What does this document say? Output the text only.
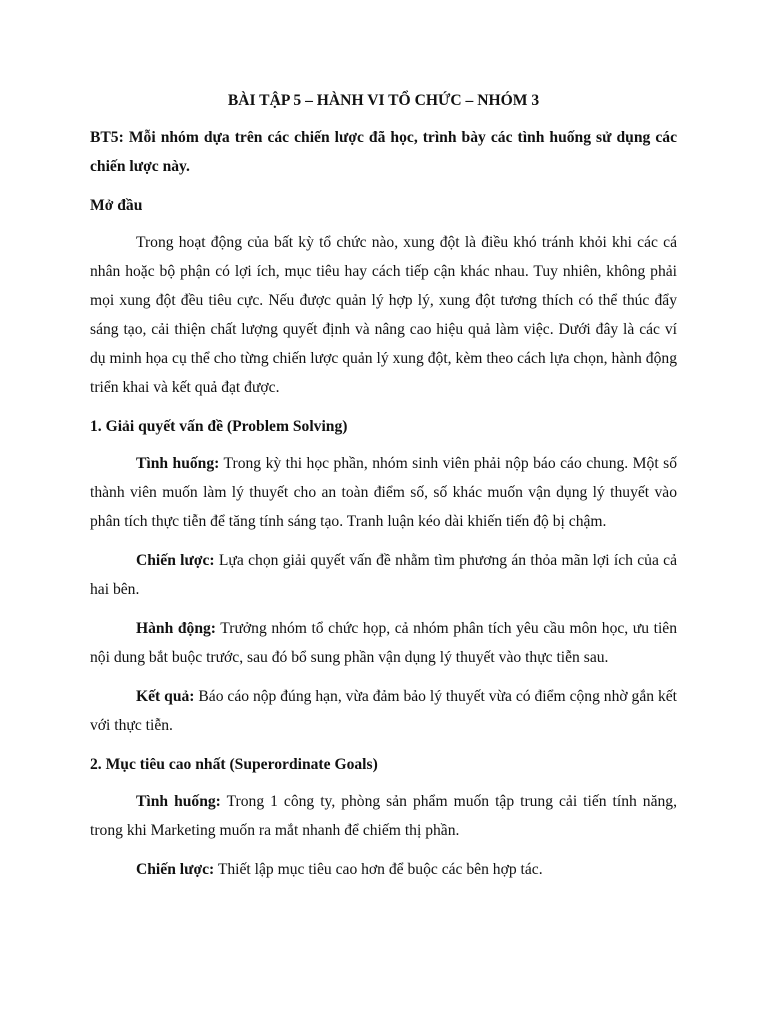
BÀI TẬP 5 – HÀNH VI TỔ CHỨC – NHÓM 3

BT5: Mỗi nhóm dựa trên các chiến lược đã học, trình bày các tình huống sử dụng các chiến lược này.

Mở đầu

Trong hoạt động của bất kỳ tổ chức nào, xung đột là điều khó tránh khỏi khi các cá nhân hoặc bộ phận có lợi ích, mục tiêu hay cách tiếp cận khác nhau. Tuy nhiên, không phải mọi xung đột đều tiêu cực. Nếu được quản lý hợp lý, xung đột tương thích có thể thúc đẩy sáng tạo, cải thiện chất lượng quyết định và nâng cao hiệu quả làm việc. Dưới đây là các ví dụ minh họa cụ thể cho từng chiến lược quản lý xung đột, kèm theo cách lựa chọn, hành động triển khai và kết quả đạt được.

1. Giải quyết vấn đề (Problem Solving)

Tình huống: Trong kỳ thi học phần, nhóm sinh viên phải nộp báo cáo chung. Một số thành viên muốn làm lý thuyết cho an toàn điểm số, số khác muốn vận dụng lý thuyết vào phân tích thực tiễn để tăng tính sáng tạo. Tranh luận kéo dài khiến tiến độ bị chậm.

Chiến lược: Lựa chọn giải quyết vấn đề nhằm tìm phương án thỏa mãn lợi ích của cả hai bên.

Hành động: Trưởng nhóm tổ chức họp, cả nhóm phân tích yêu cầu môn học, ưu tiên nội dung bắt buộc trước, sau đó bổ sung phần vận dụng lý thuyết vào thực tiễn sau.

Kết quả: Báo cáo nộp đúng hạn, vừa đảm bảo lý thuyết vừa có điểm cộng nhờ gắn kết với thực tiễn.

2. Mục tiêu cao nhất (Superordinate Goals)

Tình huống: Trong 1 công ty, phòng sản phẩm muốn tập trung cải tiến tính năng, trong khi Marketing muốn ra mắt nhanh để chiếm thị phần.

Chiến lược: Thiết lập mục tiêu cao hơn để buộc các bên hợp tác.
